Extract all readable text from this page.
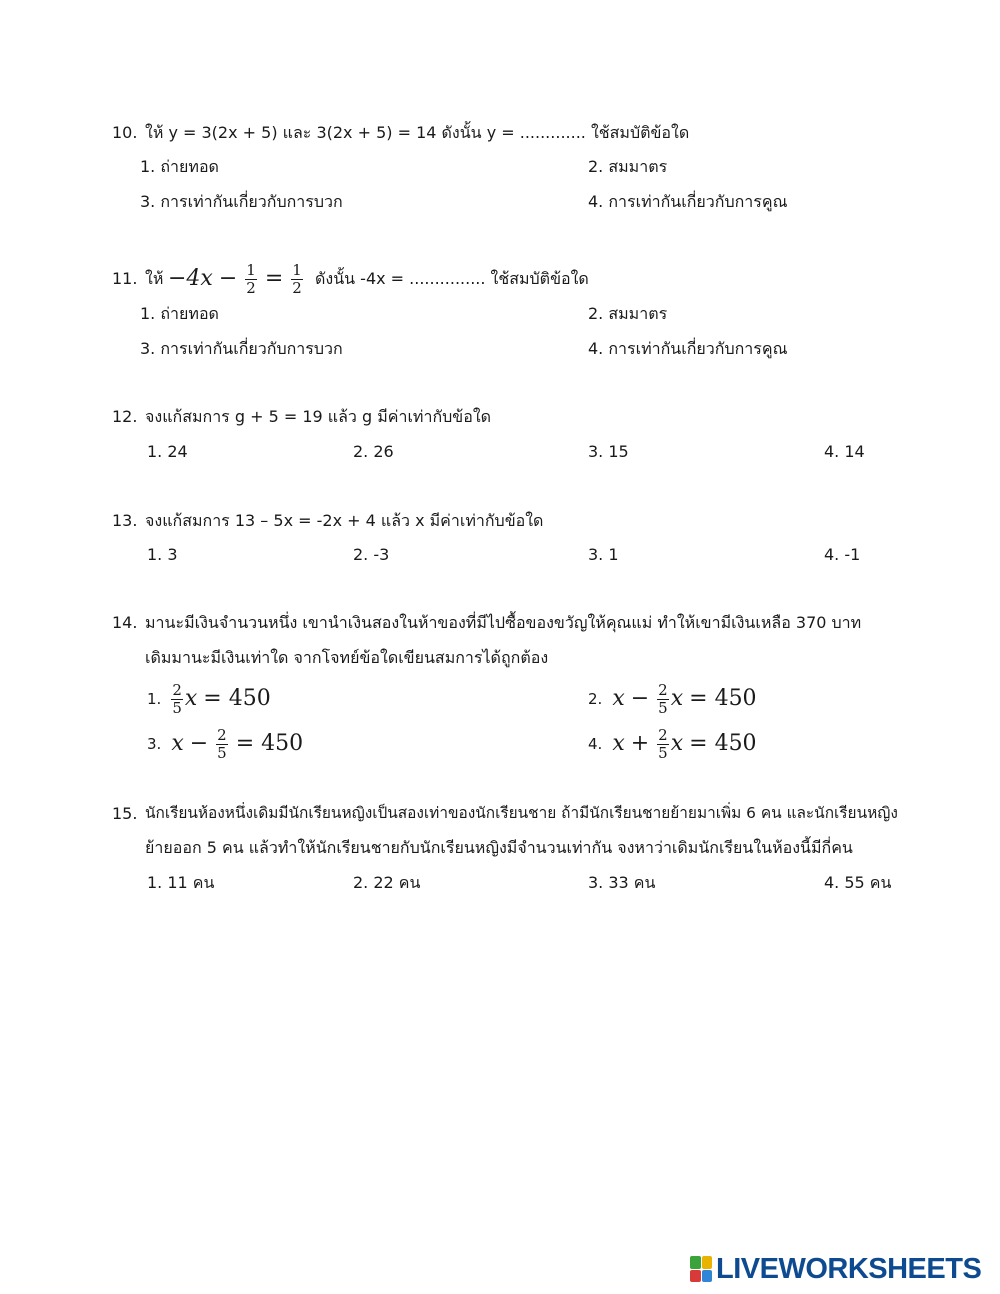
10. ให้ y = 3(2x + 5) และ 3(2x + 5) = 14 ดังนั้น y = ............. ใช้สมบัติข้อใด
1. ถ่ายทอด	2. สมมาตร
3. การเท่ากันเกี่ยวกับการบวก	4. การเท่ากันเกี่ยวกับการคูณ
11. ให้ $-4x - \frac{1}{2} = \frac{1}{2}$ ดังนั้น -4x = ............... ใช้สมบัติข้อใด
1. ถ่ายทอด	2. สมมาตร
3. การเท่ากันเกี่ยวกับการบวก	4. การเท่ากันเกี่ยวกับการคูณ
12. จงแก้สมการ g + 5 = 19 แล้ว g มีค่าเท่ากับข้อใด
1. 24	2. 26	3. 15	4. 14
13. จงแก้สมการ 13 – 5x = -2x + 4 แล้ว x มีค่าเท่ากับข้อใด
1. 3	2. -3	3. 1	4. -1
14. มานะมีเงินจำนวนหนึ่ง เขานำเงินสองในห้าของที่มีไปซื้อของขวัญให้คุณแม่ ทำให้เขามีเงินเหลือ 370 บาท
เดิมมานะมีเงินเท่าใด จากโจทย์ข้อใดเขียนสมการได้ถูกต้อง
1. $\frac{2}{5}$ x = 450	2. $x - \frac{2}{5}$ x = 450
3. $x - \frac{2}{5} = 450$	4. $x + \frac{2}{5}$ x = 450
15. นักเรียนห้องหนึ่งเดิมมีนักเรียนหญิงเป็นสองเท่าของนักเรียนชาย ถ้ามีนักเรียนชายย้ายมาเพิ่ม 6 คน และนักเรียนหญิง
ย้ายออก 5 คน แล้วทำให้นักเรียนชายกับนักเรียนหญิงมีจำนวนเท่ากัน จงหาว่าเดิมนักเรียนในห้องนี้มีกี่คน
1. 11 คน	2. 22 คน	3. 33 คน	4. 55 คน
LIVEWORKSHEETS
